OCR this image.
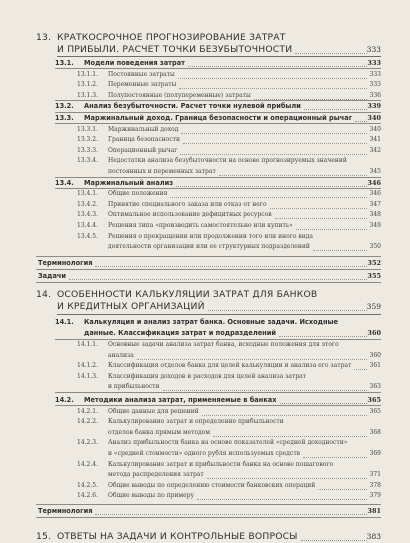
13. КРАТКОСРОЧНОЕ ПРОГНОЗИРОВАНИЕ ЗАТРАТ
И ПРИБЫЛИ. РАСЧЕТ ТОЧКИ БЕЗУБЫТОЧНОСТИ	333
13.1. Модели поведения затрат	333
13.1.1. Постоянные затраты	333
13.1.2. Переменные затраты	333
13.1.3. Полупостоянные (полупеременные) затраты	336
13.2. Анализ безубыточности. Расчет точки нулевой прибыли	339
13.3. Маржинальный доход. Граница безопасности и операционный рычаг 340
13.3.1. Маржинальный доход	340
13.3.2. Граница безопасности	341
13.3.3. Операционный рычаг	342
13.3.4. Недостатки анализа безубыточности на основе прогнозируемых значений
постоянных и переменных затрат	345
13.4. Маржинальный анализ	346
13.4.1. Общие положения	346
13.4.2. Принятие специального заказа или отказ от него	347
13.4.3. Оптимальное использование дефицитных ресурсов	348
13.4.4. Решения типа «производить самостоятельно или купить»	349
13.4.5. Решения о прекращении или продолжении того или иного вида
деятельности организации или ее структурных подразделений	350
Терминология	352
Задачи	355
14. ОСОБЕННОСТИ КАЛЬКУЛЯЦИИ ЗАТРАТ ДЛЯ БАНКОВ
И КРЕДИТНЫХ ОРГАНИЗАЦИЙ	359
14.1. Калькуляция и анализ затрат банка. Основные задачи. Исходные
данные. Классификация затрат и подразделений	360
14.1.1. Основные задачи анализа затрат банка, исходные положения для этого
анализа	360
14.1.2. Классификация отделов банка для целей калькуляции и анализа его затрат	361
14.1.3. Классификация доходов и расходов для целей анализа затрат
и прибыльности	363
14.2. Методики анализа затрат, применяемые в банках	365
14.2.1. Общие данные для решений	365
14.2.2. Калькулирование затрат и определение прибыльности
отделов банка прямым методом	368
14.2.3. Анализ прибыльности банка на основе показателей «средней доходности»
и «средней стоимости» одного рубля используемых средств	369
14.2.4. Калькулирование затрат и прибыльности банка на основе пошагового
метода распределения затрат	371
14.2.5. Общие выводы по определению стоимости банковских операций	378
14.2.6. Общие выводы по примеру	379
Терминология	381
15. ОТВЕТЫ НА ЗАДАЧИ И КОНТРОЛЬНЫЕ ВОПРОСЫ	383
